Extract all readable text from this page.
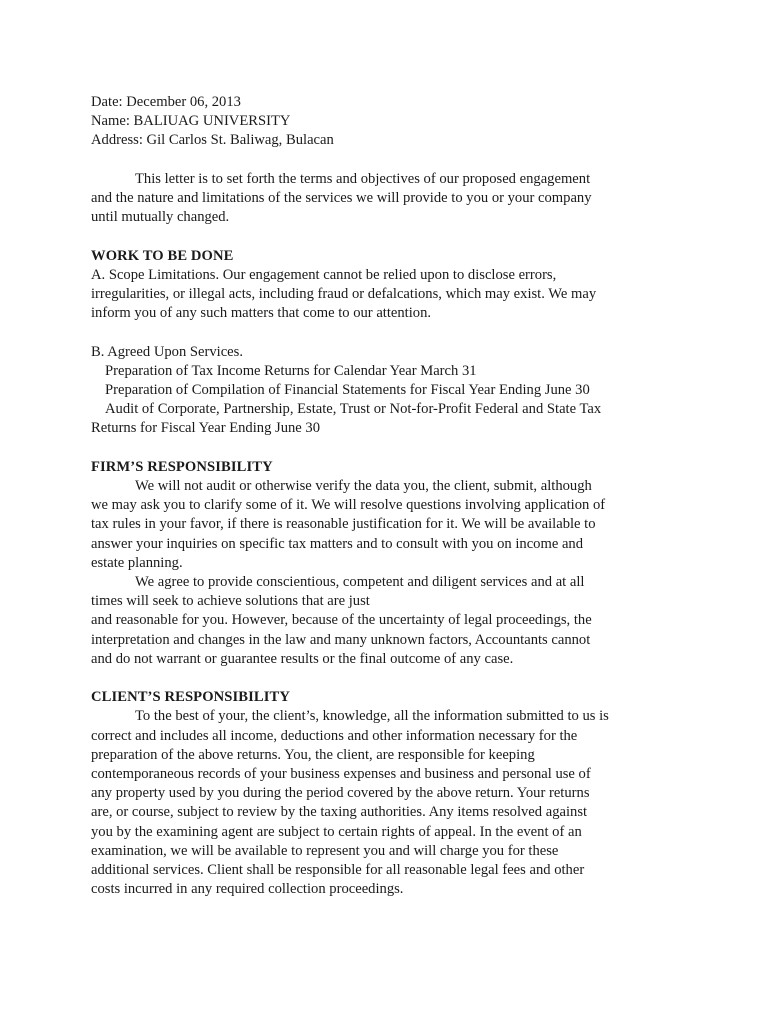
Date: December 06, 2013
Name: BALIUAG UNIVERSITY
Address: Gil Carlos St. Baliwag, Bulacan
This letter is to set forth the terms and objectives of our proposed engagement
and the nature and limitations of the services we will provide to you or your company
until mutually changed.
WORK TO BE DONE
A. Scope Limitations. Our engagement cannot be relied upon to disclose errors,
irregularities, or illegal acts, including fraud or defalcations, which may exist. We may
inform you of any such matters that come to our attention.
B. Agreed Upon Services.
Preparation of Tax Income Returns for Calendar Year March 31
Preparation of Compilation of Financial Statements for Fiscal Year Ending June 30
Audit of Corporate, Partnership, Estate, Trust or Not-for-Profit Federal and State Tax
Returns for Fiscal Year Ending June 30
FIRM’S RESPONSIBILITY
We will not audit or otherwise verify the data you, the client, submit, although
we may ask you to clarify some of it. We will resolve questions involving application of
tax rules in your favor, if there is reasonable justification for it. We will be available to
answer your inquiries on specific tax matters and to consult with you on income and
estate planning.
We agree to provide conscientious, competent and diligent services and at all
times will seek to achieve solutions that are just
and reasonable for you. However, because of the uncertainty of legal proceedings, the
interpretation and changes in the law and many unknown factors, Accountants cannot
and do not warrant or guarantee results or the final outcome of any case.
CLIENT’S RESPONSIBILITY
To the best of your, the client’s, knowledge, all the information submitted to us is
correct and includes all income, deductions and other information necessary for the
preparation of the above returns. You, the client, are responsible for keeping
contemporaneous records of your business expenses and business and personal use of
any property used by you during the period covered by the above return. Your returns
are, or course, subject to review by the taxing authorities. Any items resolved against
you by the examining agent are subject to certain rights of appeal. In the event of an
examination, we will be available to represent you and will charge you for these
additional services. Client shall be responsible for all reasonable legal fees and other
costs incurred in any required collection proceedings.
